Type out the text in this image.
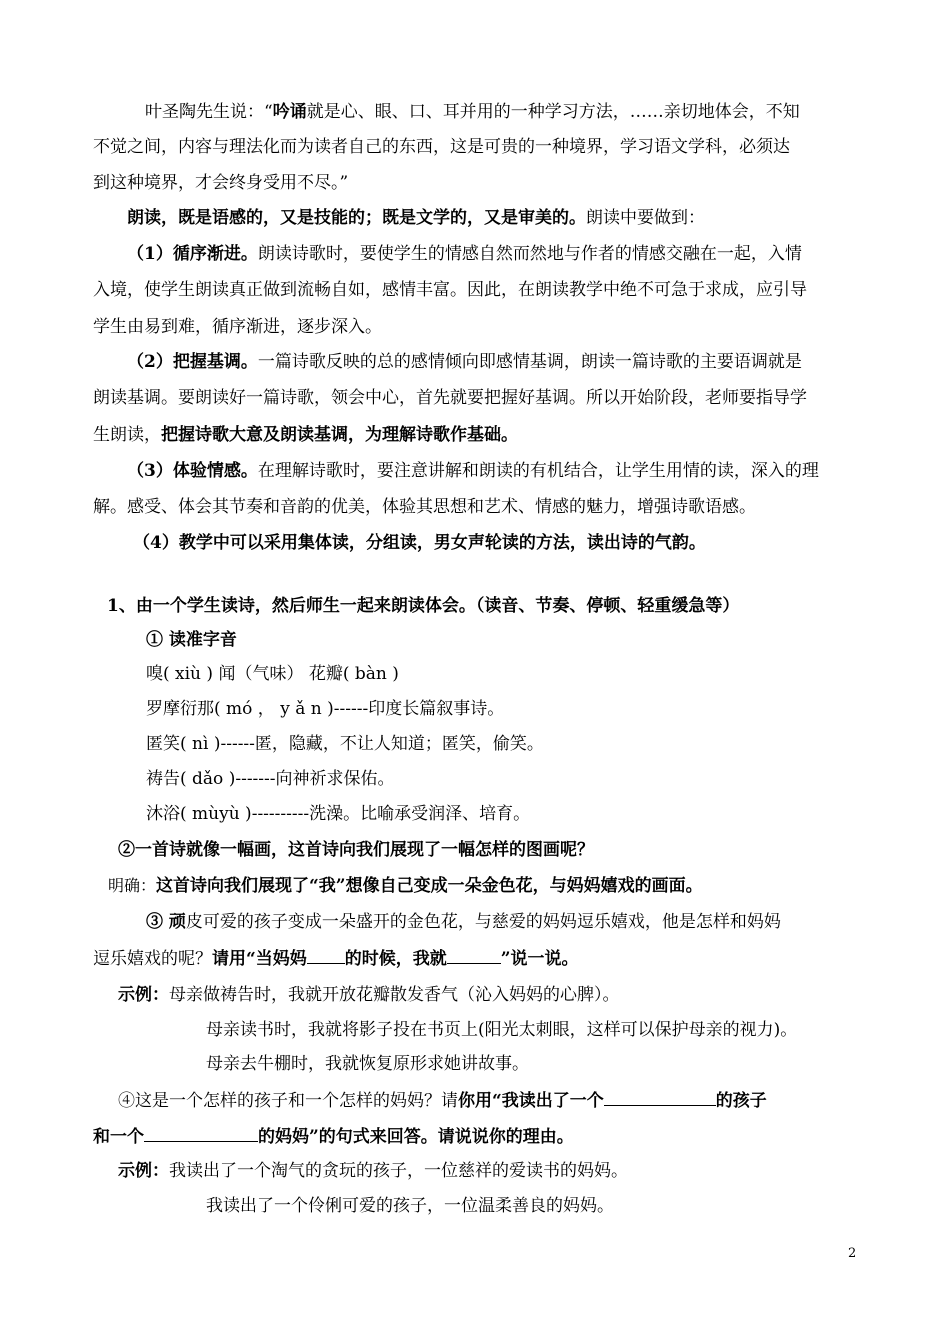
叶圣陶先生说：“吟诵就是心、眼、口、耳并用的一种学习方法，……亲切地体会，不知
不觉之间，内容与理法化而为读者自己的东西，这是可贵的一种境界，学习语文学科，必须达
到这种境界，才会终身受用不尽。”
朗读，既是语感的，又是技能的；既是文学的，又是审美的。朗读中要做到：
（1）循序渐进。朗读诗歌时，要使学生的情感自然而然地与作者的情感交融在一起，入情
入境，使学生朗读真正做到流畅自如，感情丰富。因此，在朗读教学中绝不可急于求成，应引导
学生由易到难，循序渐进，逐步深入。
（2）把握基调。一篇诗歌反映的总的感情倾向即感情基调，朗读一篇诗歌的主要语调就是
朗读基调。要朗读好一篇诗歌，领会中心，首先就要把握好基调。所以开始阶段，老师要指导学
生朗读，把握诗歌大意及朗读基调，为理解诗歌作基础。
（3）体验情感。在理解诗歌时，要注意讲解和朗读的有机结合，让学生用情的读，深入的理
解。感受、体会其节奏和音韵的优美，体验其思想和艺术、情感的魅力，增强诗歌语感。
（4）教学中可以采用集体读，分组读，男女声轮读的方法，读出诗的气韵。
1、由一个学生读诗，然后师生一起来朗读体会。（读音、节奏、停顿、轻重缓急等）
① 读准字音
嗅( xiù ) 闻（气味） 花瓣( bàn )
罗摩衍那( mó ， y ǎ n )------印度长篇叙事诗。
匿笑( nì )------匿，隐藏，不让人知道；匿笑，偷笑。
祷告( dǎo )-------向神祈求保佑。
沐浴( mùyù )----------洗澡。比喻承受润泽、培育。
②一首诗就像一幅画，这首诗向我们展现了一幅怎样的图画呢？
明确：这首诗向我们展现了“我”想像自己变成一朵金色花，与妈妈嬉戏的画面。
③ 顽皮可爱的孩子变成一朵盛开的金色花，与慈爱的妈妈逗乐嬉戏，他是怎样和妈妈
逗乐嬉戏的呢？请用“当妈妈 的时候，我就	”说一说。
示例：母亲做祷告时，我就开放花瓣散发香气（沁入妈妈的心脾）。
母亲读书时，我就将影子投在书页上(阳光太刺眼，这样可以保护母亲的视力)。
母亲去牛棚时，我就恢复原形求她讲故事。
④这是一个怎样的孩子和一个怎样的妈妈？请你用“我读出了一个	的孩子
和一个	的妈妈”的句式来回答。请说说你的理由。
示例：我读出了一个淘气的贪玩的孩子，一位慈祥的爱读书的妈妈。
我读出了一个伶俐可爱的孩子，一位温柔善良的妈妈。
2
